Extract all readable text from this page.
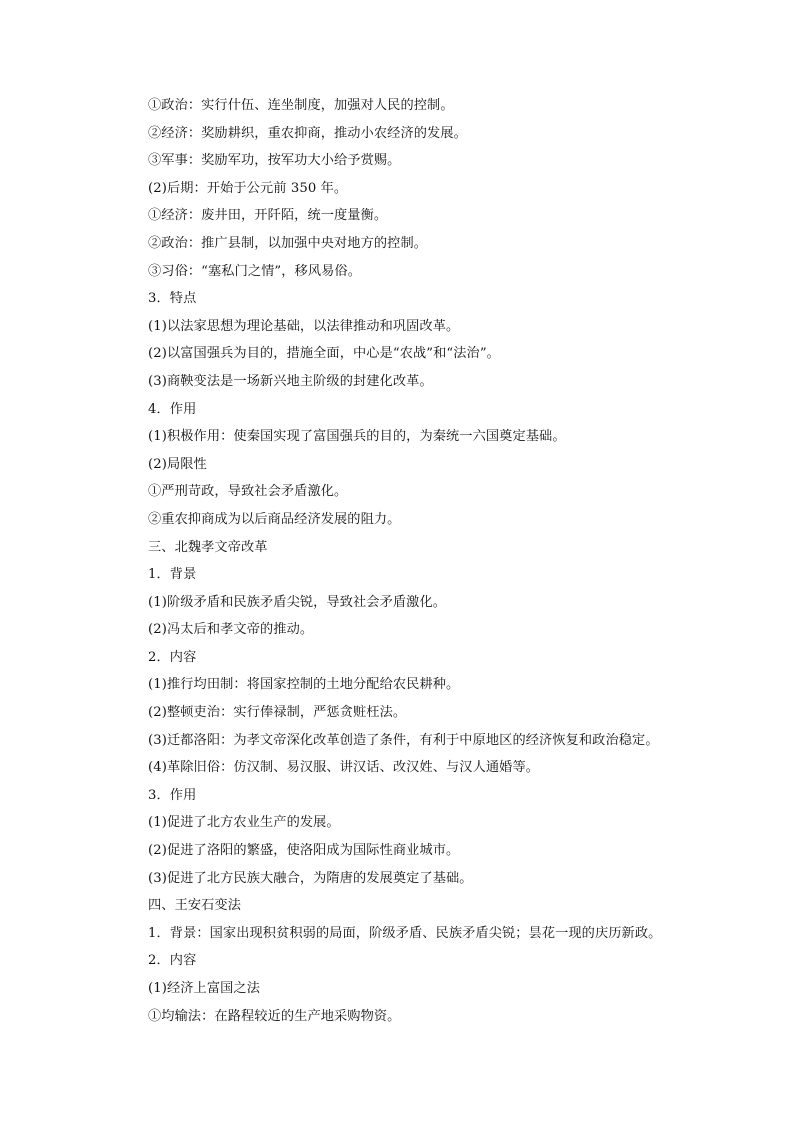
①政治：实行什伍、连坐制度，加强对人民的控制。
②经济：奖励耕织，重农抑商，推动小农经济的发展。
③军事：奖励军功，按军功大小给予赏赐。
(2)后期：开始于公元前 350 年。
①经济：废井田，开阡陌，统一度量衡。
②政治：推广县制，以加强中央对地方的控制。
③习俗：“塞私门之情”，移风易俗。
3．特点
(1)以法家思想为理论基础，以法律推动和巩固改革。
(2)以富国强兵为目的，措施全面，中心是“农战”和“法治”。
(3)商鞅变法是一场新兴地主阶级的封建化改革。
4．作用
(1)积极作用：使秦国实现了富国强兵的目的，为秦统一六国奠定基础。
(2)局限性
①严刑苛政，导致社会矛盾激化。
②重农抑商成为以后商品经济发展的阻力。
三、北魏孝文帝改革
1．背景
(1)阶级矛盾和民族矛盾尖锐，导致社会矛盾激化。
(2)冯太后和孝文帝的推动。
2．内容
(1)推行均田制：将国家控制的土地分配给农民耕种。
(2)整顿吏治：实行俸禄制，严惩贪赃枉法。
(3)迁都洛阳：为孝文帝深化改革创造了条件，有利于中原地区的经济恢复和政治稳定。
(4)革除旧俗：仿汉制、易汉服、讲汉话、改汉姓、与汉人通婚等。
3．作用
(1)促进了北方农业生产的发展。
(2)促进了洛阳的繁盛，使洛阳成为国际性商业城市。
(3)促进了北方民族大融合，为隋唐的发展奠定了基础。
四、王安石变法
1．背景：国家出现积贫积弱的局面，阶级矛盾、民族矛盾尖锐；昙花一现的庆历新政。
2．内容
(1)经济上富国之法
①均输法：在路程较近的生产地采购物资。
